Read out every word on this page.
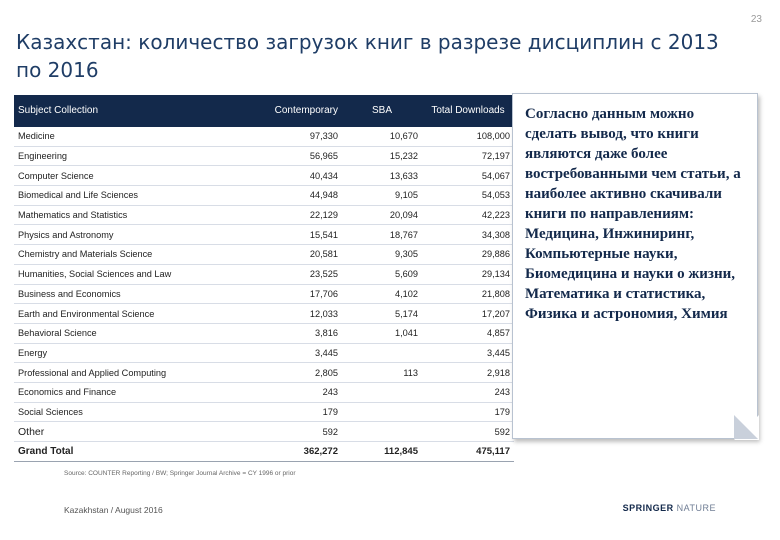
23
Казахстан: количество загрузок книг в разрезе дисциплин с 2013 по 2016
Subject Collection	Contemporary	SBA	Total Downloads
Medicine	97,330	10,670	108,000
Engineering	56,965	15,232	72,197
Computer Science	40,434	13,633	54,067
Biomedical and Life Sciences	44,948	9,105	54,053
Mathematics and Statistics	22,129	20,094	42,223
Physics and Astronomy	15,541	18,767	34,308
Chemistry and Materials Science	20,581	9,305	29,886
Humanities, Social Sciences and Law	23,525	5,609	29,134
Business and Economics	17,706	4,102	21,808
Earth and Environmental Science	12,033	5,174	17,207
Behavioral Science	3,816	1,041	4,857
Energy	3,445		3,445
Professional and Applied Computing	2,805	113	2,918
Economics and Finance	243		243
Social Sciences	179		179
Other	592		592
Grand Total	362,272	112,845	475,117
Source: COUNTER Reporting / BW; Springer Journal Archive = CY 1996 or prior
Kazakhstan / August 2016	SPRINGER NATURE
Согласно данным можно сделать вывод, что книги являются даже более востребованными чем статьи, а наиболее активно скачивали книги по направлениям: Медицина, Инжиниринг, Компьютерные науки, Биомедицина и науки о жизни, Математика и статистика, Физика и астрономия, Химия
